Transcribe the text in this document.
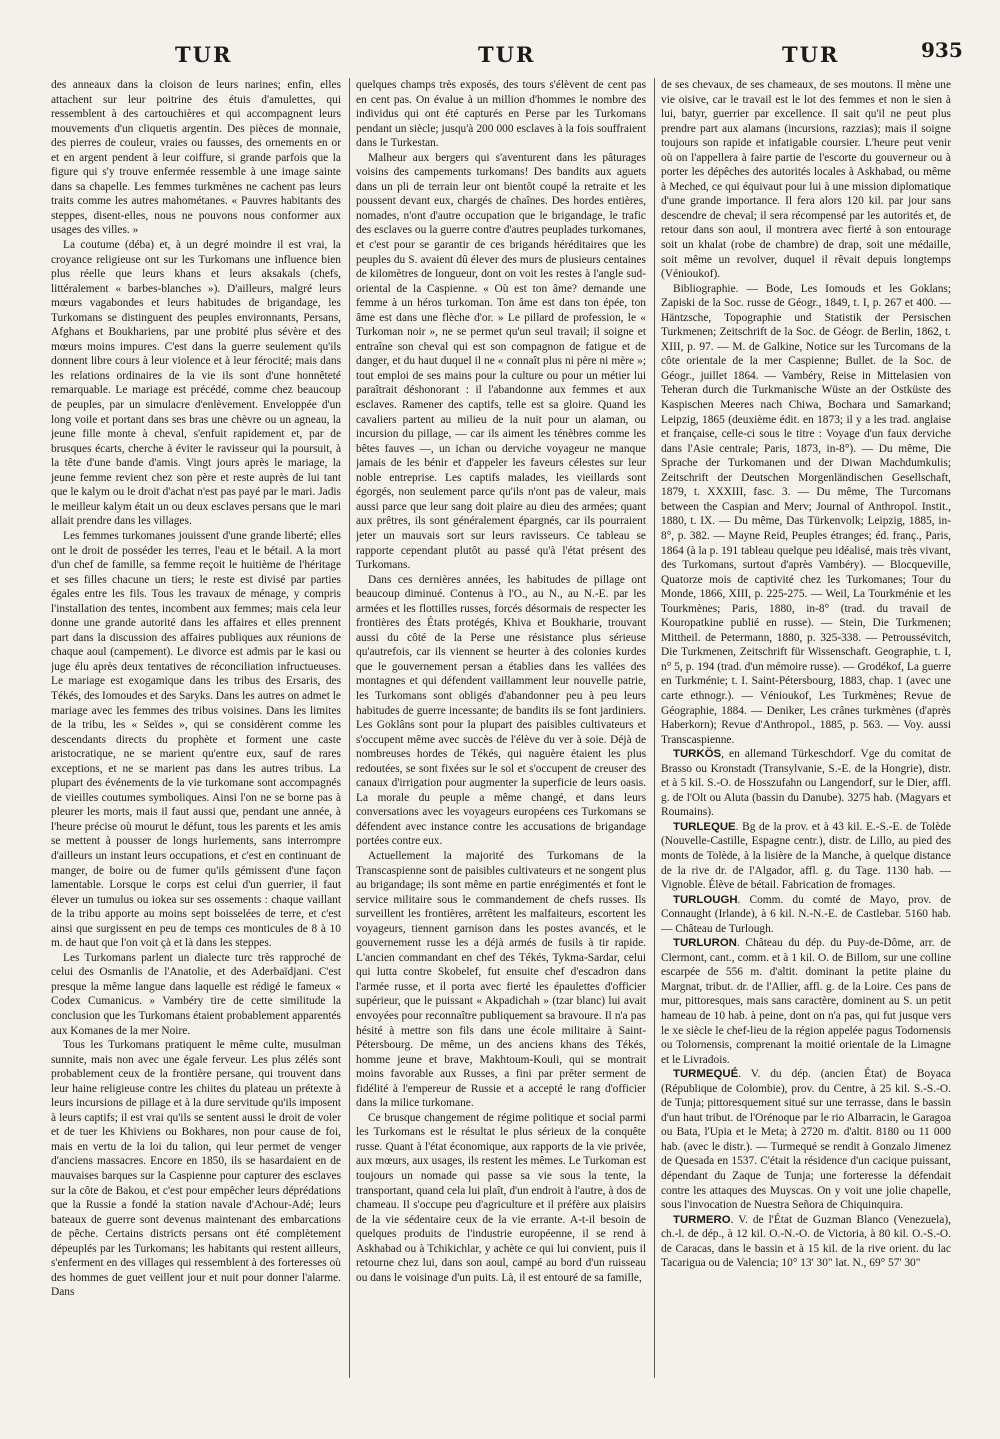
TUR	TUR	TUR	935

des anneaux dans la cloison de leurs narines; enfin, elles attachent sur leur poitrine des étuis d'amulettes, qui ressemblent à des cartouchières et qui accompagnent leurs mouvements d'un cliquetis argentin. Des pièces de monnaie, des pierres de couleur, vraies ou fausses, des ornements en or et en argent pendent à leur coiffure, si grande parfois que la figure qui s'y trouve enfermée ressemble à une image sainte dans sa chapelle. Les femmes turkmènes ne cachent pas leurs traits comme les autres mahométanes. « Pauvres habitants des steppes, disent-elles, nous ne pouvons nous conformer aux usages des villes. »

La coutume (déba) et, à un degré moindre il est vrai, la croyance religieuse ont sur les Turkomans une influence bien plus réelle que leurs khans et leurs aksakals (chefs, littéralement « barbes-blanches »). D'ailleurs, malgré leurs mœurs vagabondes et leurs habitudes de brigandage, les Turkomans se distinguent des peuples environnants, Persans, Afghans et Boukhariens, par une probité plus sévère et des mœurs moins impures. C'est dans la guerre seulement qu'ils donnent libre cours à leur violence et à leur férocité; mais dans les relations ordinaires de la vie ils sont d'une honnêteté remarquable. Le mariage est précédé, comme chez beaucoup de peuples, par un simulacre d'enlèvement. Enveloppée d'un long voile et portant dans ses bras une chèvre ou un agneau, la jeune fille monte à cheval, s'enfuit rapidement et, par de brusques écarts, cherche à éviter le ravisseur qui la poursuit, à la tête d'une bande d'amis. Vingt jours après le mariage, la jeune femme revient chez son père et reste auprès de lui tant que le kalym ou le droit d'achat n'est pas payé par le mari. Jadis le meilleur kalym était un ou deux esclaves persans que le mari allait prendre dans les villages.

Les femmes turkomanes jouissent d'une grande liberté; elles ont le droit de posséder les terres, l'eau et le bétail. A la mort d'un chef de famille, sa femme reçoit le huitième de l'héritage et ses filles chacune un tiers; le reste est divisé par parties égales entre les fils. Tous les travaux de ménage, y compris l'installation des tentes, incombent aux femmes; mais cela leur donne une grande autorité dans les affaires et elles prennent part dans la discussion des affaires publiques aux réunions de chaque aoul (campement). Le divorce est admis par le kasi ou juge élu après deux tentatives de réconciliation infructueuses. Le mariage est exogamique dans les tribus des Ersaris, des Tékés, des Iomoudes et des Saryks. Dans les autres on admet le mariage avec les femmes des tribus voisines. Dans les limites de la tribu, les « Seïdes », qui se considèrent comme les descendants directs du prophète et forment une caste aristocratique, ne se marient qu'entre eux, sauf de rares exceptions, et ne se marient pas dans les autres tribus. La plupart des événements de la vie turkomane sont accompagnés de vieilles coutumes symboliques. Ainsi l'on ne se borne pas à pleurer les morts, mais il faut aussi que, pendant une année, à l'heure précise où mourut le défunt, tous les parents et les amis se mettent à pousser de longs hurlements, sans interrompre d'ailleurs un instant leurs occupations, et c'est en continuant de manger, de boire ou de fumer qu'ils gémissent d'une façon lamentable. Lorsque le corps est celui d'un guerrier, il faut élever un tumulus ou iokea sur ses ossements : chaque vaillant de la tribu apporte au moins sept boisselées de terre, et c'est ainsi que surgissent en peu de temps ces monticules de 8 à 10 m. de haut que l'on voit çà et là dans les steppes.

Les Turkomans parlent un dialecte turc très rapproché de celui des Osmanlis de l'Anatolie, et des Aderbaïdjani. C'est presque la même langue dans laquelle est rédigé le fameux « Codex Cumanicus. » Vambéry tire de cette similitude la conclusion que les Turkomans étaient probablement apparentés aux Komanes de la mer Noire.

Tous les Turkomans pratiquent le même culte, musulman sunnite, mais non avec une égale ferveur. Les plus zélés sont probablement ceux de la frontière persane, qui trouvent dans leur haine religieuse contre les chiites du plateau un prétexte à leurs incursions de pillage et à la dure servitude qu'ils imposent à leurs captifs; il est vrai qu'ils se sentent aussi le droit de voler et de tuer les Khiviens ou Bokhares, non pour cause de foi, mais en vertu de la loi du talion, qui leur permet de venger d'anciens massacres. Encore en 1850, ils se hasardaient en de mauvaises barques sur la Caspienne pour capturer des esclaves sur la côte de Bakou, et c'est pour empêcher leurs déprédations que la Russie a fondé la station navale d'Achour-Adé; leurs bateaux de guerre sont devenus maintenant des embarcations de pêche. Certains districts persans ont été complètement dépeuplés par les Turkomans; les habitants qui restent ailleurs, s'enferment en des villages qui ressemblent à des forteresses où des hommes de guet veillent jour et nuit pour donner l'alarme. Dans

quelques champs très exposés, des tours s'élèvent de cent pas en cent pas. On évalue à un million d'hommes le nombre des individus qui ont été capturés en Perse par les Turkomans pendant un siècle; jusqu'à 200 000 esclaves à la fois souffraient dans le Turkestan.

Malheur aux bergers qui s'aventurent dans les pâturages voisins des campements turkomans! Des bandits aux aguets dans un pli de terrain leur ont bientôt coupé la retraite et les poussent devant eux, chargés de chaînes. Des hordes entières, nomades, n'ont d'autre occupation que le brigandage, le trafic des esclaves ou la guerre contre d'autres peuplades turkomanes, et c'est pour se garantir de ces brigands héréditaires que les peuples du S. avaient dû élever des murs de plusieurs centaines de kilomètres de longueur, dont on voit les restes à l'angle sud-oriental de la Caspienne. « Où est ton âme? demande une femme à un héros turkoman. Ton âme est dans ton épée, ton âme est dans une flèche d'or. » Le pillard de profession, le « Turkoman noir », ne se permet qu'un seul travail; il soigne et entraîne son cheval qui est son compagnon de fatigue et de danger, et du haut duquel il ne « connaît plus ni père ni mère »; tout emploi de ses mains pour la culture ou pour un métier lui paraîtrait déshonorant : il l'abandonne aux femmes et aux esclaves. Ramener des captifs, telle est sa gloire. Quand les cavaliers partent au milieu de la nuit pour un alaman, ou incursion du pillage, — car ils aiment les ténèbres comme les bêtes fauves —, un ichan ou derviche voyageur ne manque jamais de les bénir et d'appeler les faveurs célestes sur leur noble entreprise. Les captifs malades, les vieillards sont égorgés, non seulement parce qu'ils n'ont pas de valeur, mais aussi parce que leur sang doit plaire au dieu des armées; quant aux prêtres, ils sont généralement épargnés, car ils pourraient jeter un mauvais sort sur leurs ravisseurs. Ce tableau se rapporte cependant plutôt au passé qu'à l'état présent des Turkomans.

Dans ces dernières années, les habitudes de pillage ont beaucoup diminué. Contenus à l'O., au N., au N.-E. par les armées et les flottilles russes, forcés désormais de respecter les frontières des États protégés, Khiva et Boukharie, trouvant aussi du côté de la Perse une résistance plus sérieuse qu'autrefois, car ils viennent se heurter à des colonies kurdes que le gouvernement persan a établies dans les vallées des montagnes et qui défendent vaillamment leur nouvelle patrie, les Turkomans sont obligés d'abandonner peu à peu leurs habitudes de guerre incessante; de bandits ils se font jardiniers. Les Goklâns sont pour la plupart des paisibles cultivateurs et s'occupent même avec succès de l'élève du ver à soie. Déjà de nombreuses hordes de Tékés, qui naguère étaient les plus redoutées, se sont fixées sur le sol et s'occupent de creuser des canaux d'irrigation pour augmenter la superficie de leurs oasis. La morale du peuple a même changé, et dans leurs conversations avec les voyageurs européens ces Turkomans se défendent avec instance contre les accusations de brigandage portées contre eux.

Actuellement la majorité des Turkomans de la Transcaspienne sont de paisibles cultivateurs et ne songent plus au brigandage; ils sont même en partie enrégimentés et font le service militaire sous le commandement de chefs russes. Ils surveillent les frontières, arrêtent les malfaiteurs, escortent les voyageurs, tiennent garnison dans les postes avancés, et le gouvernement russe les a déjà armés de fusils à tir rapide. L'ancien commandant en chef des Tékés, Tykma-Sardar, celui qui lutta contre Skobelef, fut ensuite chef d'escadron dans l'armée russe, et il porta avec fierté les épaulettes d'officier supérieur, que le puissant « Akpadichah » (tzar blanc) lui avait envoyées pour reconnaître publiquement sa bravoure. Il n'a pas hésité à mettre son fils dans une école militaire à Saint-Pétersbourg. De même, un des anciens khans des Tékés, homme jeune et brave, Makhtoum-Kouli, qui se montrait moins favorable aux Russes, a fini par prêter serment de fidélité à l'empereur de Russie et a accepté le rang d'officier dans la milice turkomane.

Ce brusque changement de régime politique et social parmi les Turkomans est le résultat le plus sérieux de la conquête russe. Quant à l'état économique, aux rapports de la vie privée, aux mœurs, aux usages, ils restent les mêmes. Le Turkoman est toujours un nomade qui passe sa vie sous la tente, la transportant, quand cela lui plaît, d'un endroit à l'autre, à dos de chameau. Il s'occupe peu d'agriculture et il préfère aux plaisirs de la vie sédentaire ceux de la vie errante. A-t-il besoin de quelques produits de l'industrie européenne, il se rend à Askhabad ou à Tchikichlar, y achète ce qui lui convient, puis il retourne chez lui, dans son aoul, campé au bord d'un ruisseau ou dans le voisinage d'un puits. Là, il est entouré de sa famille,

de ses chevaux, de ses chameaux, de ses moutons. Il mène une vie oisive, car le travail est le lot des femmes et non le sien à lui, batyr, guerrier par excellence. Il sait qu'il ne peut plus prendre part aux alamans (incursions, razzias); mais il soigne toujours son rapide et infatigable coursier. L'heure peut venir où on l'appellera à faire partie de l'escorte du gouverneur ou à porter les dépêches des autorités locales à Askhabad, ou même à Meched, ce qui équivaut pour lui à une mission diplomatique d'une grande importance. Il fera alors 120 kil. par jour sans descendre de cheval; il sera récompensé par les autorités et, de retour dans son aoul, il montrera avec fierté à son entourage soit un khalat (robe de chambre) de drap, soit une médaille, soit même un revolver, duquel il rêvait depuis longtemps (Vénioukof).

Bibliographie. — Bode, Les Iomouds et les Goklans; Zapiski de la Soc. russe de Géogr., 1849, t. I, p. 267 et 400. — Häntzsche, Topographie und Statistik der Persischen Turkmenen; Zeitschrift de la Soc. de Géogr. de Berlin, 1862, t. XIII, p. 97. — M. de Galkine, Notice sur les Turcomans de la côte orientale de la mer Caspienne; Bullet. de la Soc. de Géogr., juillet 1864. — Vambéry, Reise in Mittelasien von Teheran durch die Turkmanische Wüste an der Ostküste des Kaspischen Meeres nach Chiwa, Bochara und Samarkand; Leipzig, 1865 (deuxième édit. en 1873; il y a les trad. anglaise et française, celle-ci sous le titre : Voyage d'un faux derviche dans l'Asie centrale; Paris, 1873, in-8°). — Du même, Die Sprache der Turkomanen und der Diwan Machdumkulis; Zeitschrift der Deutschen Morgenländischen Gesellschaft, 1879, t. XXXIII, fasc. 3. — Du même, The Turcomans between the Caspian and Merv; Journal of Anthropol. Instit., 1880, t. IX. — Du même, Das Türkenvolk; Leipzig, 1885, in-8°, p. 382. — Mayne Reid, Peuples étranges; éd. franç., Paris, 1864 (à la p. 191 tableau quelque peu idéalisé, mais très vivant, des Turkomans, surtout d'après Vambéry). — Blocqueville, Quatorze mois de captivité chez les Turkomanes; Tour du Monde, 1866, XIII, p. 225-275. — Weil, La Tourkménie et les Tourkmènes; Paris, 1880, in-8° (trad. du travail de Kouropatkine publié en russe). — Stein, Die Turkmenen; Mittheil. de Petermann, 1880, p. 325-338. — Petroussévitch, Die Turkmenen, Zeitschrift für Wissenschaft. Geographie, t. I, n° 5, p. 194 (trad. d'un mémoire russe). — Grodékof, La guerre en Turkménie; t. I. Saint-Pétersbourg, 1883, chap. 1 (avec une carte ethnogr.). — Vénioukof, Les Turkmènes; Revue de Géographie, 1884. — Deniker, Les crânes turkmènes (d'après Haberkorn); Revue d'Anthropol., 1885, p. 563. — Voy. aussi Transcaspienne.

TURKÖS, en allemand Türkeschdorf. Vge du comitat de Brasso ou Kronstadt (Transylvanie, S.-E. de la Hongrie), distr. et à 5 kil. S.-O. de Hosszufahn ou Langendorf, sur le Dier, affl. g. de l'Olt ou Aluta (bassin du Danube). 3275 hab. (Magyars et Roumains).

TURLEQUE. Bg de la prov. et à 43 kil. E.-S.-E. de Tolède (Nouvelle-Castille, Espagne centr.), distr. de Lillo, au pied des monts de Tolède, à la lisière de la Manche, à quelque distance de la rive dr. de l'Algador, affl. g. du Tage. 1130 hab. — Vignoble. Élève de bétail. Fabrication de fromages.

TURLOUGH. Comm. du comté de Mayo, prov. de Connaught (Irlande), à 6 kil. N.-N.-E. de Castlebar. 5160 hab. — Château de Turlough.

TURLURON. Château du dép. du Puy-de-Dôme, arr. de Clermont, cant., comm. et à 1 kil. O. de Billom, sur une colline escarpée de 556 m. d'altit. dominant la petite plaine du Margnat, tribut. dr. de l'Allier, affl. g. de la Loire. Ces pans de mur, pittoresques, mais sans caractère, dominent au S. un petit hameau de 10 hab. à peine, dont on n'a pas, qui fut jusque vers le xe siècle le chef-lieu de la région appelée pagus Todornensis ou Tolornensis, comprenant la moitié orientale de la Limagne et le Livradois.

TURMEQUÉ. V. du dép. (ancien État) de Boyaca (République de Colombie), prov. du Centre, à 25 kil. S.-S.-O. de Tunja; pittoresquement situé sur une terrasse, dans le bassin d'un haut tribut. de l'Orénoque par le rio Albarracin, le Garagoa ou Bata, l'Upia et le Meta; à 2720 m. d'altit. 8180 ou 11 000 hab. (avec le distr.). — Turmequé se rendit à Gonzalo Jimenez de Quesada en 1537. C'était la résidence d'un cacique puissant, dépendant du Zaque de Tunja; une forteresse la défendait contre les attaques des Muyscas. On y voit une jolie chapelle, sous l'invocation de Nuestra Señora de Chiquinquira.

TURMERO. V. de l'État de Guzman Blanco (Venezuela), ch.-l. de dép., à 12 kil. O.-N.-O. de Victoria, à 80 kil. O.-S.-O. de Caracas, dans le bassin et à 15 kil. de la rive orient. du lac Tacarigua ou de Valencia; 10° 13' 30" lat. N., 69° 57' 30"
